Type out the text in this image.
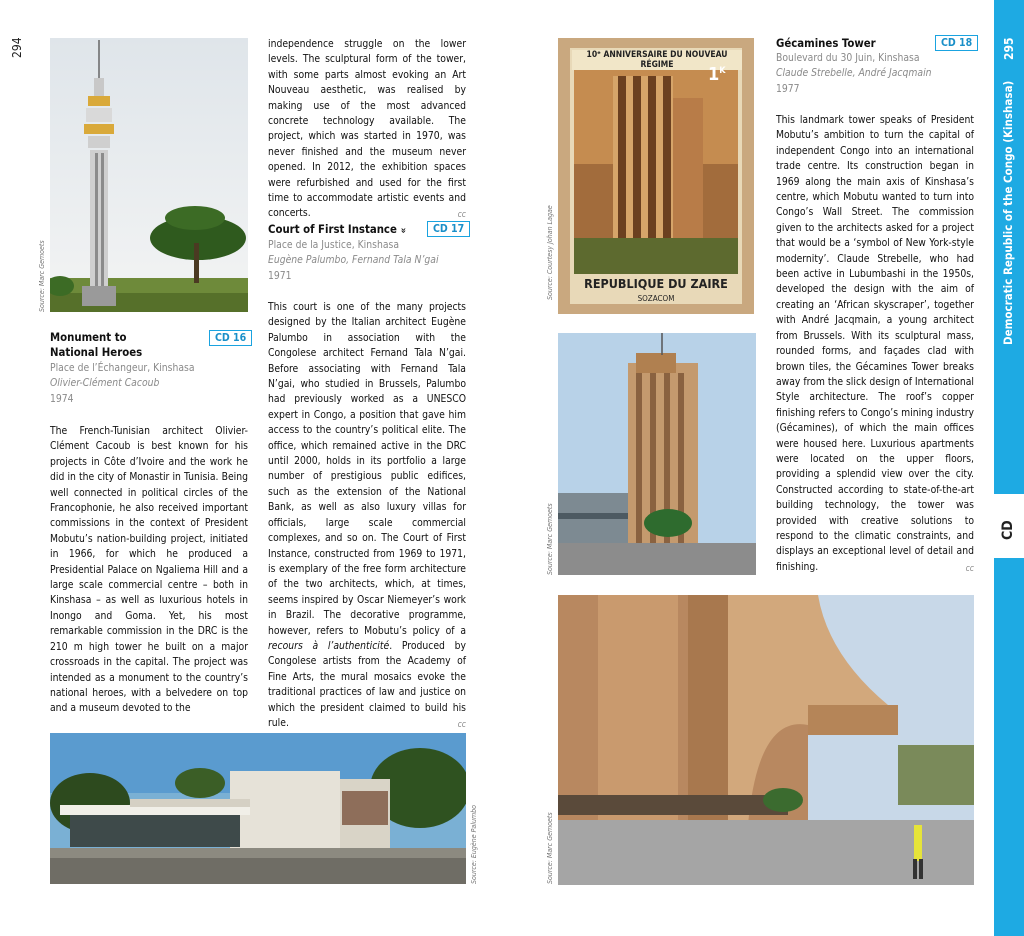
294	295
Democratic Republic of the Congo (Kinshasa)
CD
Source: Marc Gemoets
Monument to
National Heroes
CD 16
Place de l’Échangeur, Kinshasa
Olivier-Clément Cacoub
1974

The French-Tunisian architect Olivier-Clément Cacoub is best known for his projects in Côte d’Ivoire and the work he did in the city of Monastir in Tunisia. Being well connected in political circles of the Francophonie, he also received important commissions in the context of President Mobutu’s nation-building project, initiated in 1966, for which he produced a Presidential Palace on Ngaliema Hill and a large scale commercial centre – both in Kinshasa – as well as luxurious hotels in Inongo and Goma. Yet, his most remarkable commission in the DRC is the 210 m high tower he built on a major crossroads in the capital. The project was intended as a monument to the country’s national heroes, with a belvedere on top and a museum devoted to the

independence struggle on the lower levels. The sculptural form of the tower, with some parts almost evoking an Art Nouveau aesthetic, was realised by making use of the most advanced concrete technology available. The project, which was started in 1970, was never finished and the museum never opened. In 2012, the exhibition spaces were refurbished and used for the first time to accommodate artistic events and concerts.	cc

Court of First Instance »	CD 17
Place de la Justice, Kinshasa
Eugène Palumbo, Fernand Tala N’gai
1971

This court is one of the many projects designed by the Italian architect Eugène Palumbo in association with the Congolese architect Fernand Tala N’gai. Before associating with Fernand Tala N’gai, who studied in Brussels, Palumbo had previously worked as a UNESCO expert in Congo, a position that gave him access to the country’s political elite. The office, which remained active in the DRC until 2000, holds in its portfolio a large number of prestigious public edifices, such as the extension of the National Bank, as well as also luxury villas for officials, large scale commercial complexes, and so on. The Court of First Instance, constructed from 1969 to 1971, is exemplary of the free form architecture of the two architects, which, at times, seems inspired by Oscar Niemeyer’s work in Brazil. The decorative programme, however, refers to Mobutu’s policy of a recours à l’authenticité. Produced by Congolese artists from the Academy of Fine Arts, the mural mosaics evoke the traditional practices of law and justice on which the president claimed to build his rule.	cc

Source: Eugène Palumbo
10ᵉ ANNIVERSAIRE DU NOUVEAU RÉGIME	$1^K$
REPUBLIQUE DU ZAIRE
SOZACOM
Source: Courtesy Johan Lagae
Source: Marc Gemoets
Gécamines Tower	CD 18
Boulevard du 30 Juin, Kinshasa
Claude Strebelle, André Jacqmain
1977

This landmark tower speaks of President Mobutu’s ambition to turn the capital of independent Congo into an international trade centre. Its construction began in 1969 along the main axis of Kinshasa’s centre, which Mobutu wanted to turn into Congo’s Wall Street. The commission given to the architects asked for a project that would be a ‘symbol of New York-style modernity’. Claude Strebelle, who had been active in Lubumbashi in the 1950s, developed the design with the aim of creating an ‘African skyscraper’, together with André Jacqmain, a young architect from Brussels. With its sculptural mass, rounded forms, and façades clad with brown tiles, the Gécamines Tower breaks away from the slick design of International Style architecture. The roof’s copper finishing refers to Congo’s mining industry (Gécamines), of which the main offices were housed here. Luxurious apartments were located on the upper floors, providing a splendid view over the city. Constructed according to state-of-the-art building technology, the tower was provided with creative solutions to respond to the climatic constraints, and displays an exceptional level of detail and finishing.	cc

Source: Marc Gemoets
